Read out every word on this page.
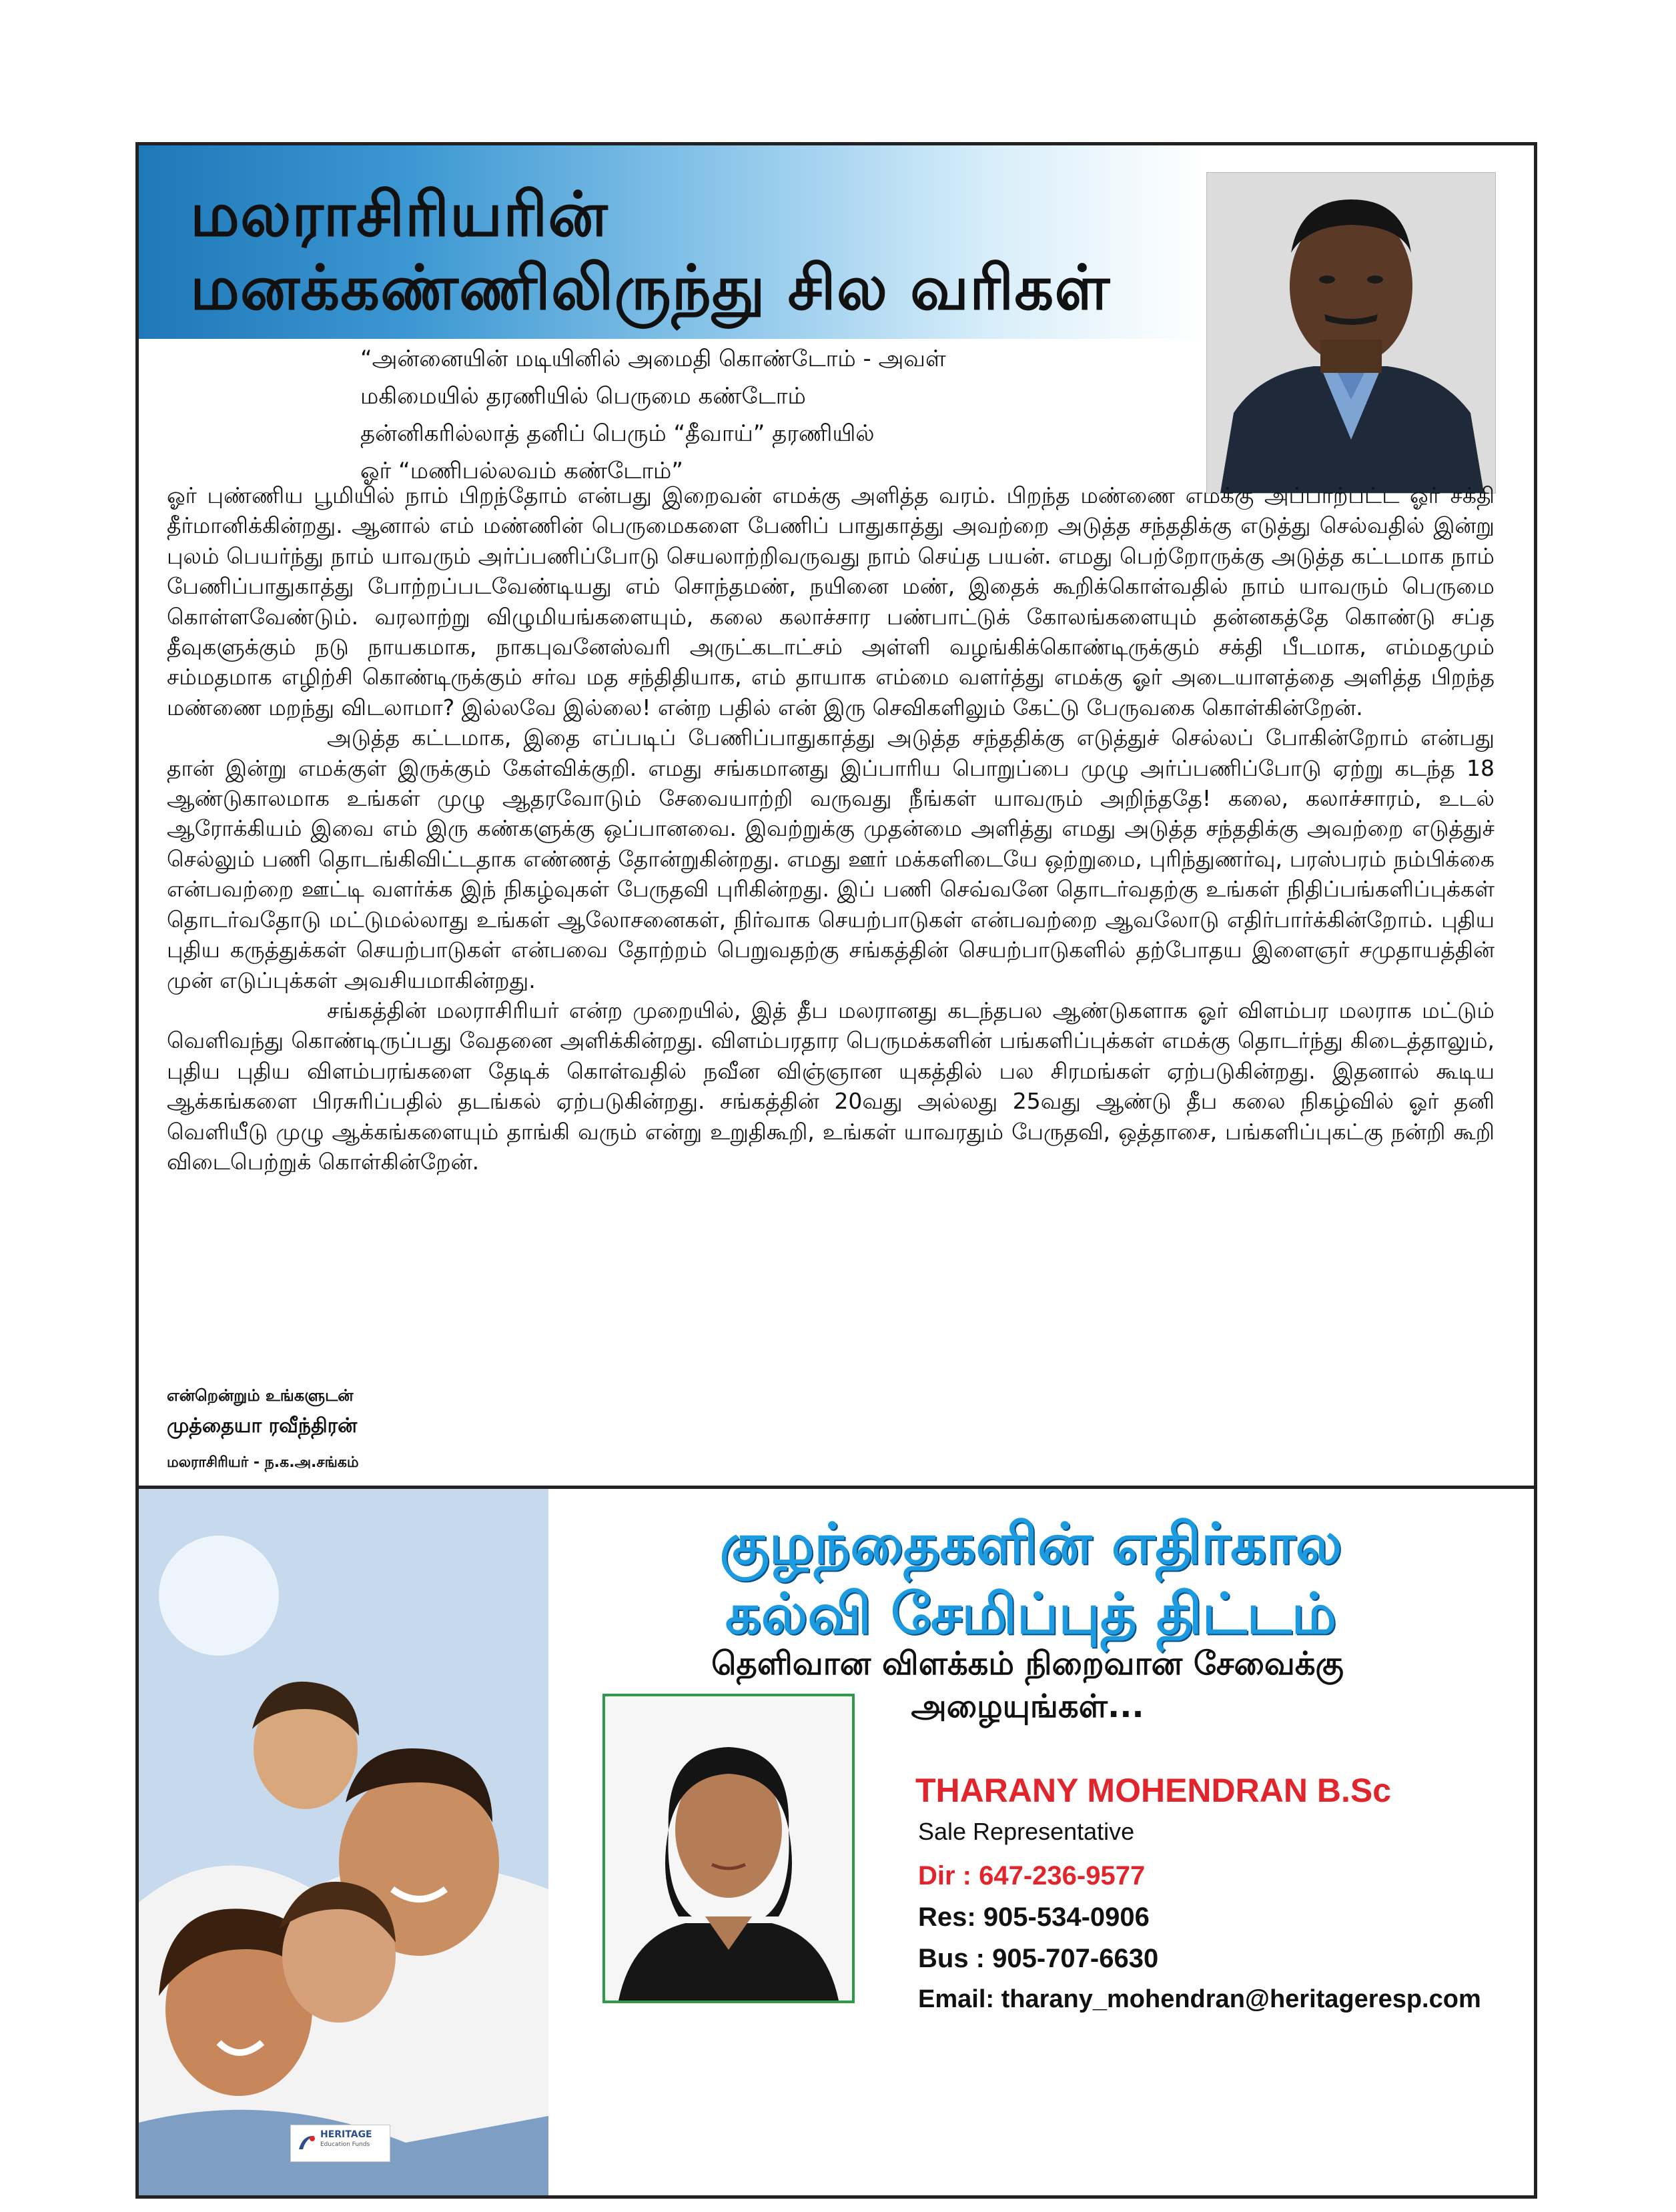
மலராசிரியரின்
மனக்கண்ணிலிருந்து சில வரிகள்
“அன்னையின் மடியினில் அமைதி கொண்டோம் - அவள்
மகிமையில் தரணியில் பெருமை கண்டோம்
தன்னிகரில்லாத் தனிப் பெரும் “தீவாய்” தரணியில்
ஓர் “மணிபல்லவம் கண்டோம்”

ஓர் புண்ணிய பூமியில் நாம் பிறந்தோம் என்பது இறைவன் எமக்கு அளித்த வரம். பிறந்த மண்ணை எமக்கு அப்பாற்பட்ட ஓர் சக்தி தீர்மானிக்கின்றது. ஆனால் எம் மண்ணின் பெருமைகளை பேணிப் பாதுகாத்து அவற்றை அடுத்த சந்ததிக்கு எடுத்து செல்வதில் இன்று புலம் பெயர்ந்து நாம் யாவரும் அர்ப்பணிப்போடு செயலாற்றிவருவது நாம் செய்த பயன். எமது பெற்றோருக்கு அடுத்த கட்டமாக நாம் பேணிப்பாதுகாத்து போற்றப்படவேண்டியது எம் சொந்தமண், நயினை மண், இதைக் கூறிக்கொள்வதில் நாம் யாவரும் பெருமை கொள்ளவேண்டும். வரலாற்று விழுமியங்களையும், கலை கலாச்சார பண்பாட்டுக் கோலங்களையும் தன்னகத்தே கொண்டு சப்த தீவுகளுக்கும் நடு நாயகமாக, நாகபுவனேஸ்வரி அருட்கடாட்சம் அள்ளி வழங்கிக்கொண்டிருக்கும் சக்தி பீடமாக, எம்மதமும் சம்மதமாக எழிற்சி கொண்டிருக்கும் சர்வ மத சந்திதியாக, எம் தாயாக எம்மை வளர்த்து எமக்கு ஓர் அடையாளத்தை அளித்த பிறந்த மண்ணை மறந்து விடலாமா? இல்லவே இல்லை! என்ற பதில் என் இரு செவிகளிலும் கேட்டு பேருவகை கொள்கின்றேன்.

அடுத்த கட்டமாக, இதை எப்படிப் பேணிப்பாதுகாத்து அடுத்த சந்ததிக்கு எடுத்துச் செல்லப் போகின்றோம் என்பது தான் இன்று எமக்குள் இருக்கும் கேள்விக்குறி. எமது சங்கமானது இப்பாரிய பொறுப்பை முழு அர்ப்பணிப்போடு ஏற்று கடந்த 18 ஆண்டுகாலமாக உங்கள் முழு ஆதரவோடும் சேவையாற்றி வருவது நீங்கள் யாவரும் அறிந்ததே! கலை, கலாச்சாரம், உடல் ஆரோக்கியம் இவை எம் இரு கண்களுக்கு ஒப்பானவை. இவற்றுக்கு முதன்மை அளித்து எமது அடுத்த சந்ததிக்கு அவற்றை எடுத்துச் செல்லும் பணி தொடங்கிவிட்டதாக எண்ணத் தோன்றுகின்றது. எமது ஊர் மக்களிடையே ஒற்றுமை, புரிந்துணர்வு, பரஸ்பரம் நம்பிக்கை என்பவற்றை ஊட்டி வளர்க்க இந் நிகழ்வுகள் பேருதவி புரிகின்றது. இப் பணி செவ்வனே தொடர்வதற்கு உங்கள் நிதிப்பங்களிப்புக்கள் தொடர்வதோடு மட்டுமல்லாது உங்கள் ஆலோசனைகள், நிர்வாக செயற்பாடுகள் என்பவற்றை ஆவலோடு எதிர்பார்க்கின்றோம். புதிய புதிய கருத்துக்கள் செயற்பாடுகள் என்பவை தோற்றம் பெறுவதற்கு சங்கத்தின் செயற்பாடுகளில் தற்போதய இளைஞர் சமுதாயத்தின் முன் எடுப்புக்கள் அவசியமாகின்றது.

சங்கத்தின் மலராசிரியர் என்ற முறையில், இத் தீப மலரானது கடந்தபல ஆண்டுகளாக ஓர் விளம்பர மலராக மட்டும் வெளிவந்து கொண்டிருப்பது வேதனை அளிக்கின்றது. விளம்பரதார பெருமக்களின் பங்களிப்புக்கள் எமக்கு தொடர்ந்து கிடைத்தாலும், புதிய புதிய விளம்பரங்களை தேடிக் கொள்வதில் நவீன விஞ்ஞான யுகத்தில் பல சிரமங்கள் ஏற்படுகின்றது. இதனால் கூடிய ஆக்கங்களை பிரசுரிப்பதில் தடங்கல் ஏற்படுகின்றது. சங்கத்தின் 20வது அல்லது 25வது ஆண்டு தீப கலை நிகழ்வில் ஓர் தனி வெளியீடு முழு ஆக்கங்களையும் தாங்கி வரும் என்று உறுதிகூறி, உங்கள் யாவரதும் பேருதவி, ஒத்தாசை, பங்களிப்புகட்கு நன்றி கூறி விடைபெற்றுக் கொள்கின்றேன்.

என்றென்றும் உங்களுடன்
முத்தையா ரவீந்திரன்
மலராசிரியர் - ந.க.அ.சங்கம்
HERITAGE
Education Funds
குழந்தைகளின் எதிர்கால
கல்வி சேமிப்புத் திட்டம்
தெளிவான விளக்கம் நிறைவான சேவைக்கு
அழையுங்கள்...
THARANY MOHENDRAN B.Sc
Sale Representative
Dir : 647-236-9577
Res: 905-534-0906
Bus : 905-707-6630
Email: tharany_mohendran@heritageresp.com
